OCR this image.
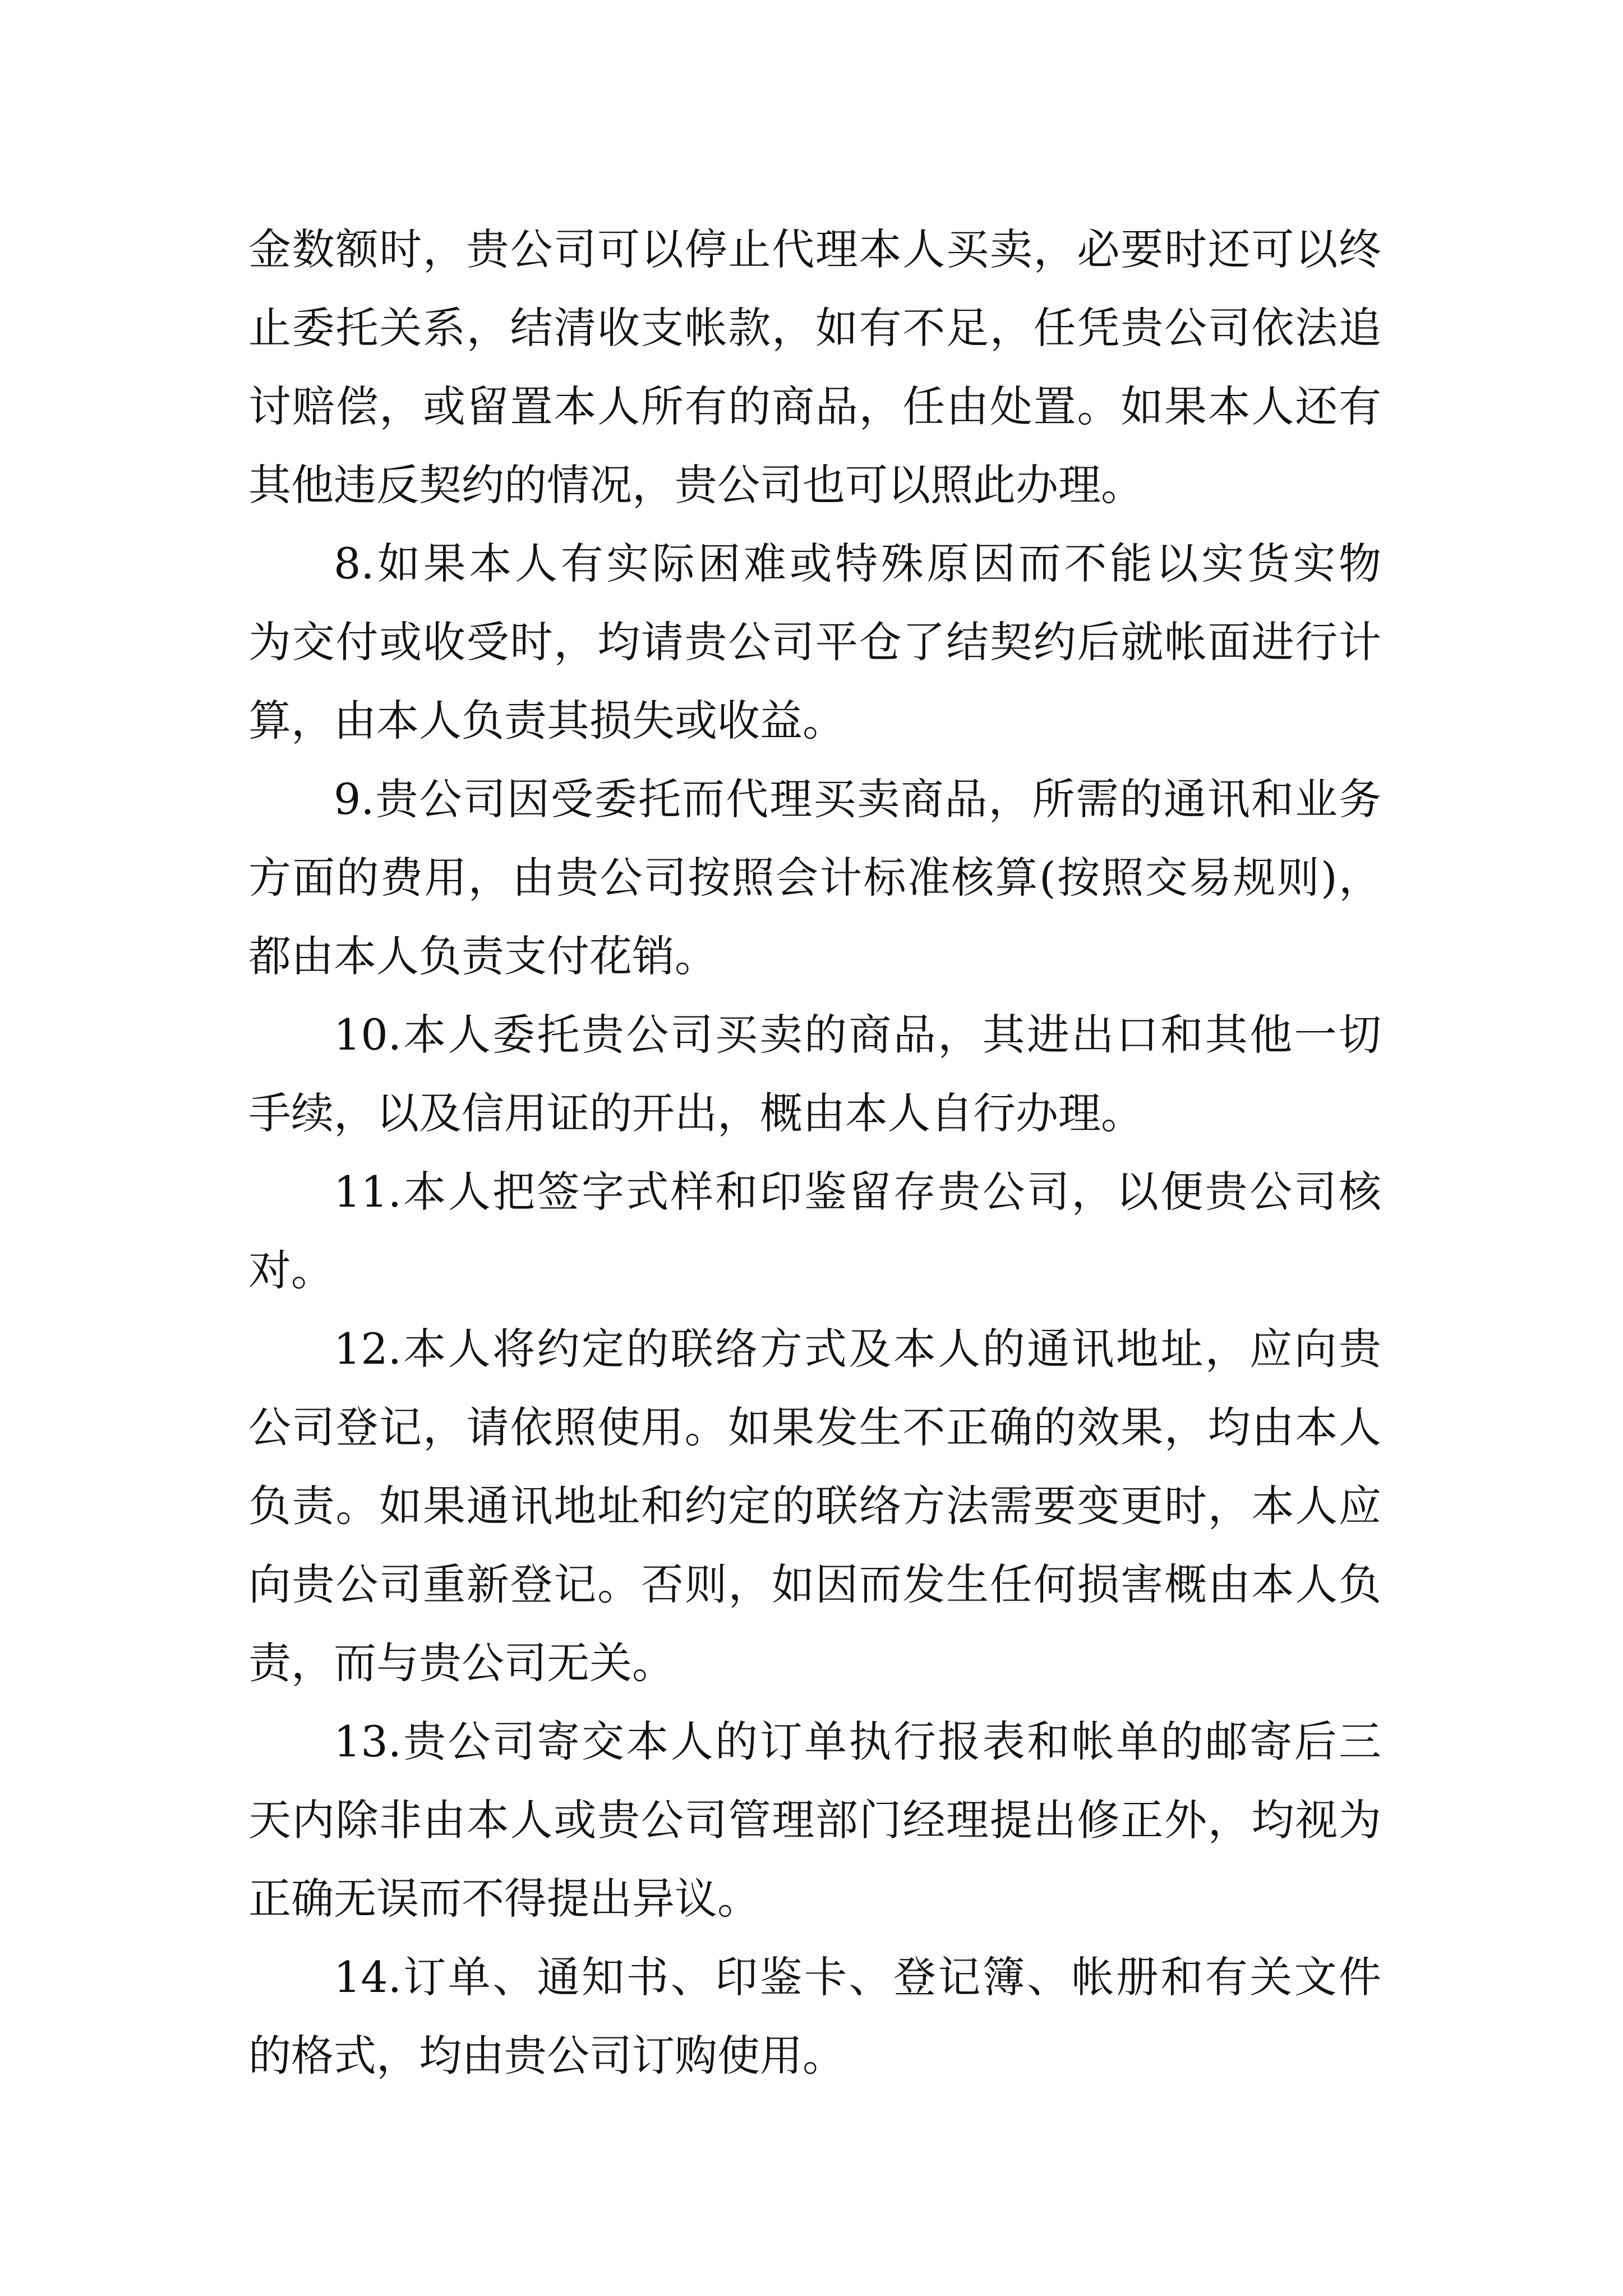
金数额时，贵公司可以停止代理本人买卖，必要时还可以终
止委托关系，结清收支帐款，如有不足，任凭贵公司依法追
讨赔偿，或留置本人所有的商品，任由处置。如果本人还有
其他违反契约的情况，贵公司也可以照此办理。
8.如果本人有实际困难或特殊原因而不能以实货实物
为交付或收受时，均请贵公司平仓了结契约后就帐面进行计
算，由本人负责其损失或收益。
9.贵公司因受委托而代理买卖商品，所需的通讯和业务
方面的费用，由贵公司按照会计标准核算(按照交易规则)，
都由本人负责支付花销。
10.本人委托贵公司买卖的商品，其进出口和其他一切
手续，以及信用证的开出，概由本人自行办理。
11.本人把签字式样和印鉴留存贵公司，以便贵公司核
对。
12.本人将约定的联络方式及本人的通讯地址，应向贵
公司登记，请依照使用。如果发生不正确的效果，均由本人
负责。如果通讯地址和约定的联络方法需要变更时，本人应
向贵公司重新登记。否则，如因而发生任何损害概由本人负
责，而与贵公司无关。
13.贵公司寄交本人的订单执行报表和帐单的邮寄后三
天内除非由本人或贵公司管理部门经理提出修正外，均视为
正确无误而不得提出异议。
14.订单、通知书、印鉴卡、登记簿、帐册和有关文件
的格式，均由贵公司订购使用。
